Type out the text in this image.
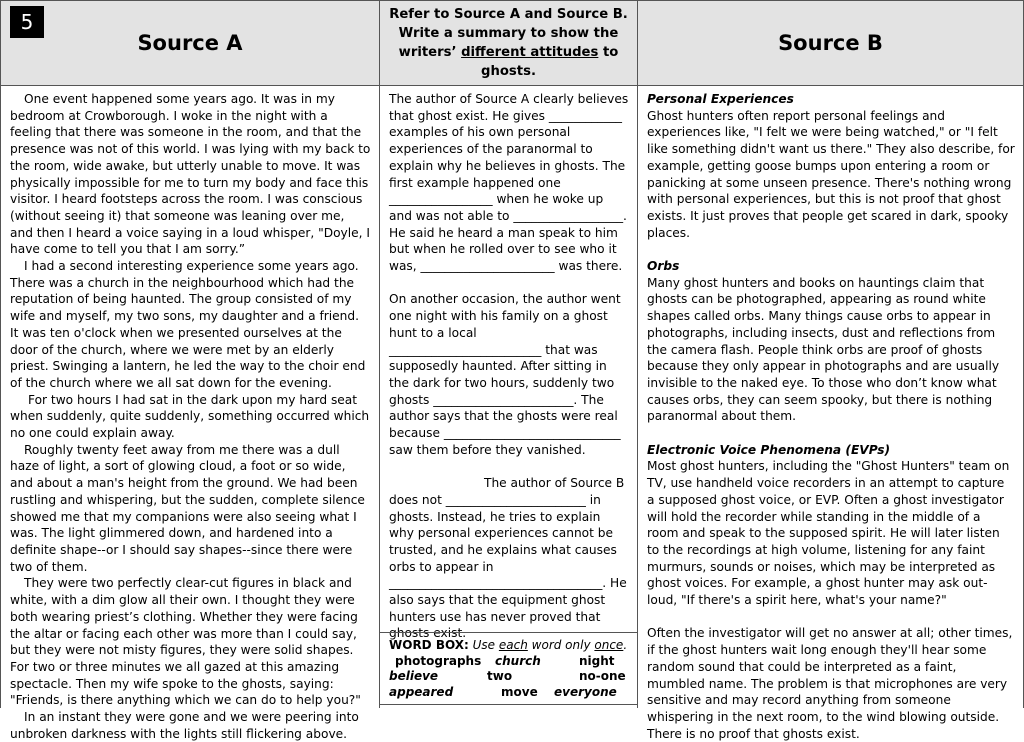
Source A
5	Refer to Source A and Source B.
Write a summary to show the
writers’ different attitudes to
ghosts.
Source B

One event happened some years ago. It was in my bedroom at Crowborough. I woke in the night with a feeling that there was someone in the room, and that the presence was not of this world. I was lying with my back to the room, wide awake, but utterly unable to move. It was physically impossible for me to turn my body and face this visitor. I heard footsteps across the room. I was conscious (without seeing it) that someone was leaning over me, and then I heard a voice saying in a loud whisper, "Doyle, I have come to tell you that I am sorry.”

I had a second interesting experience some years ago. There was a church in the neighbourhood which had the reputation of being haunted. The group consisted of my wife and myself, my two sons, my daughter and a friend. It was ten o'clock when we presented ourselves at the door of the church, where we were met by an elderly priest. Swinging a lantern, he led the way to the choir end of the church where we all sat down for the evening.

For two hours I had sat in the dark upon my hard seat when suddenly, quite suddenly, something occurred which no one could explain away.

Roughly twenty feet away from me there was a dull haze of light, a sort of glowing cloud, a foot or so wide, and about a man's height from the ground. We had been rustling and whispering, but the sudden, complete silence showed me that my companions were also seeing what I was. The light glimmered down, and hardened into a definite shape--or I should say shapes--since there were two of them.

They were two perfectly clear-cut figures in black and white, with a dim glow all their own. I thought they were both wearing priest’s clothing. Whether they were facing the altar or facing each other was more than I could say, but they were not misty figures, they were solid shapes. For two or three minutes we all gazed at this amazing spectacle. Then my wife spoke to the ghosts, saying: "Friends, is there anything which we can do to help you?"

In an instant they were gone and we were peering into unbroken darkness with the lights still flickering above.

The author of Source A clearly believes that ghost exist. He gives ____________ examples of his own personal experiences of the paranormal to explain why he believes in ghosts. The first example happened one _________________ when he woke up and was not able to __________________. He said he heard a man speak to him but when he rolled over to see who it was, ______________________ was there.

On another occasion, the author went one night with his family on a ghost hunt to a local _________________________ that was supposedly haunted. After sitting in the dark for two hours, suddenly two ghosts _______________________. The author says that the ghosts were real because _____________________________ saw them before they vanished.

The author of Source B does not _______________________ in ghosts. Instead, he tries to explain why personal experiences cannot be trusted, and he explains what causes orbs to appear in ___________________________________. He also says that the equipment ghost hunters use has never proved that ghosts exist.

WORD BOX: Use each word only once.
photographs	church	night
believe	two	no-one
appeared	move	everyone

Personal Experiences

Ghost hunters often report personal feelings and experiences like, "I felt we were being watched," or "I felt like something didn't want us there." They also describe, for example, getting goose bumps upon entering a room or panicking at some unseen presence. There's nothing wrong with personal experiences, but this is not proof that ghost exists. It just proves that people get scared in dark, spooky places.

Orbs

Many ghost hunters and books on hauntings claim that ghosts can be photographed, appearing as round white shapes called orbs. Many things cause orbs to appear in photographs, including insects, dust and reflections from the camera flash. People think orbs are proof of ghosts because they only appear in photographs and are usually invisible to the naked eye. To those who don’t know what causes orbs, they can seem spooky, but there is nothing paranormal about them.

Electronic Voice Phenomena (EVPs)

Most ghost hunters, including the "Ghost Hunters" team on TV, use handheld voice recorders in an attempt to capture a supposed ghost voice, or EVP. Often a ghost investigator will hold the recorder while standing in the middle of a room and speak to the supposed spirit. He will later listen to the recordings at high volume, listening for any faint murmurs, sounds or noises, which may be interpreted as ghost voices. For example, a ghost hunter may ask out-loud, "If there's a spirit here, what's your name?"

Often the investigator will get no answer at all; other times, if the ghost hunters wait long enough they'll hear some random sound that could be interpreted as a faint, mumbled name. The problem is that microphones are very sensitive and may record anything from someone whispering in the next room, to the wind blowing outside. There is no proof that ghosts exist.
